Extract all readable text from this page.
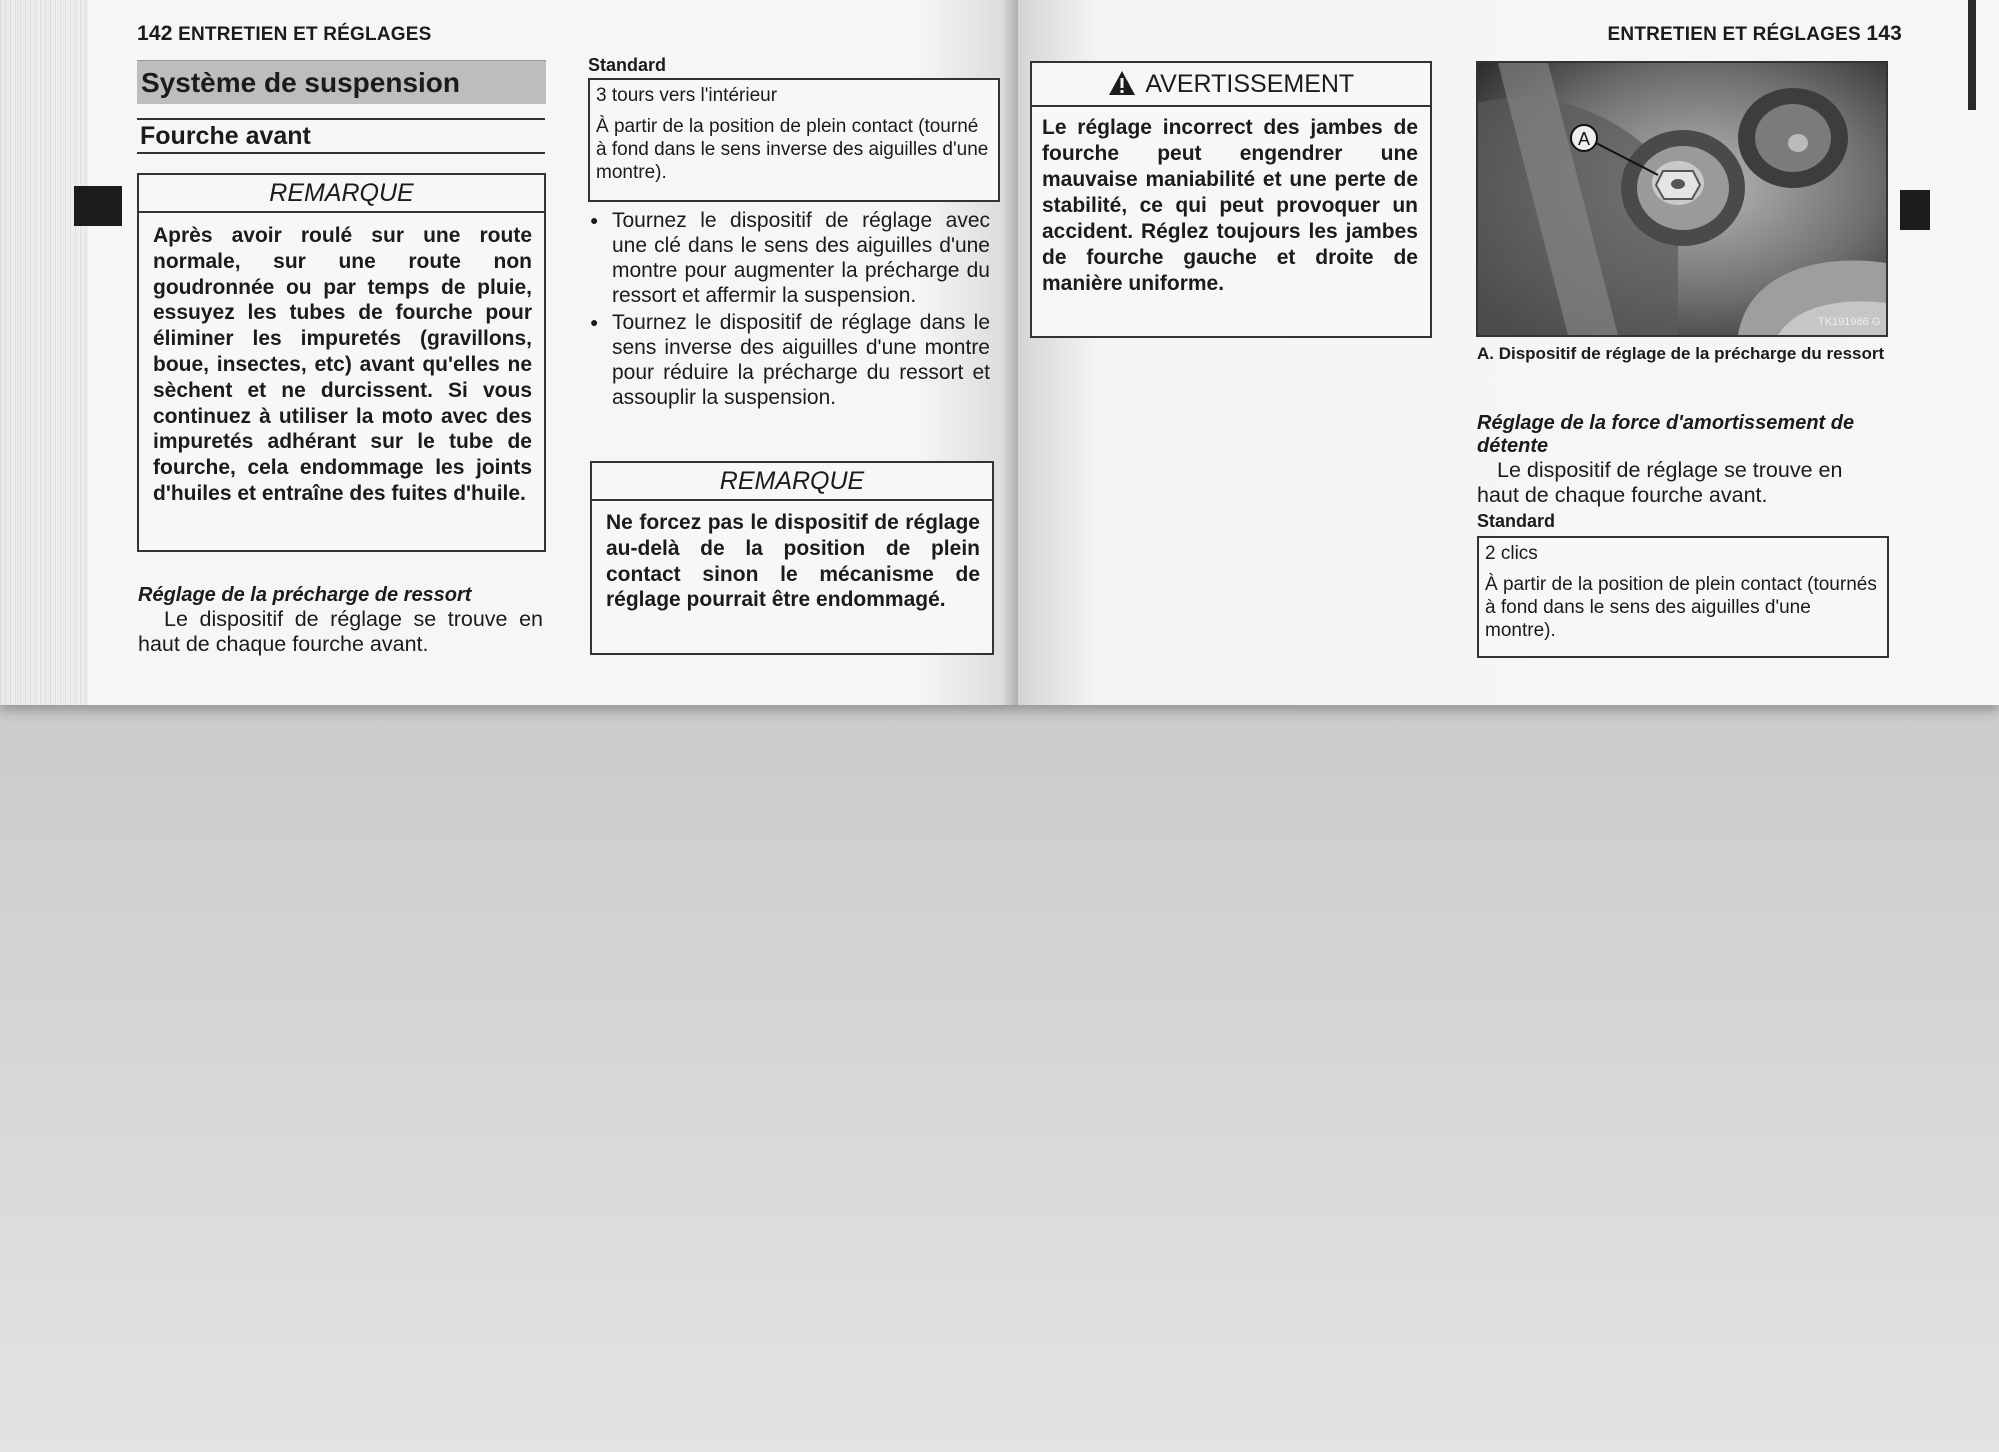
142 ENTRETIEN ET RÉGLAGES
Système de suspension
Fourche avant
REMARQUE
Après avoir roulé sur une route normale, sur une route non goudronnée ou par temps de pluie, essuyez les tubes de fourche pour éliminer les impuretés (gravillons, boue, insectes, etc) avant qu'elles ne sèchent et ne durcissent. Si vous continuez à utiliser la moto avec des impuretés adhérant sur le tube de fourche, cela endommage les joints d'huiles et entraîne des fuites d'huile.
Réglage de la précharge de ressort
Le dispositif de réglage se trouve en haut de chaque fourche avant.
Standard
● Tournez le dispositif de réglage avec une clé dans le sens des aiguilles d'une montre pour augmenter la précharge du ressort et affermir la suspension.
● Tournez le dispositif de réglage dans le sens inverse des aiguilles d'une montre pour réduire la précharge du ressort et assouplir la suspension.
REMARQUE
Ne forcez pas le dispositif de réglage au-delà de la position de plein contact sinon le mécanisme de réglage pourrait être endommagé.
ENTRETIEN ET RÉGLAGES 143
3 tours vers l'intérieur
À partir de la position de plein contact (tourné à fond dans le sens inverse des aiguilles d'une montre).
AVERTISSEMENT
Le réglage incorrect des jambes de fourche peut engendrer une mauvaise maniabilité et une perte de stabilité, ce qui peut provoquer un accident. Réglez toujours les jambes de fourche gauche et droite de manière uniforme.
A
TK191986 G
A. Dispositif de réglage de la précharge du ressort
Réglage de la force d'amortissement de détente
Le dispositif de réglage se trouve en haut de chaque fourche avant.
Standard
2 clics
À partir de la position de plein contact (tournés à fond dans le sens des aiguilles d'une montre).
